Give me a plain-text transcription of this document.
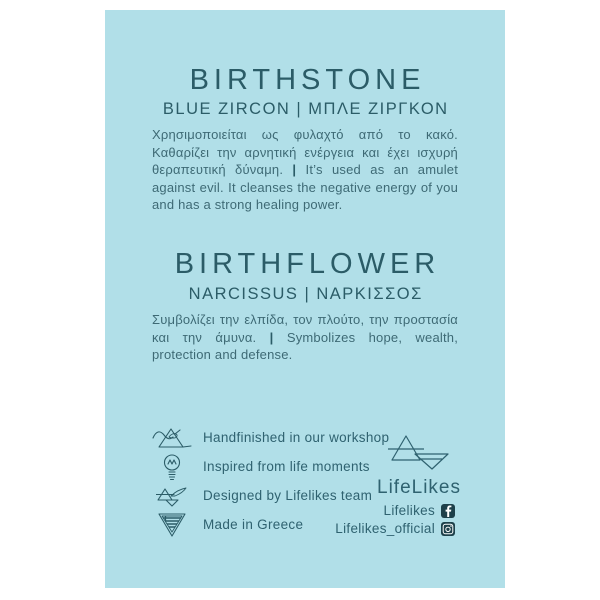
BIRTHSTONE
BLUE ZIRCON | ΜΠΛΕ ΖΙΡΓΚΟΝ

Χρησιμοποιείται ως φυλαχτό από το κακό. Καθαρίζει την αρνητική ενέργεια και έχει ισχυρή θεραπευτική δύναμη. | It’s used as an amulet against evil. It cleanses the negative energy of you and has a strong healing power.

BIRTHFLOWER
NARCISSUS | ΝΑΡΚΙΣΣΟΣ

Συμβολίζει την ελπίδα, τον πλούτο, την προστασία και την άμυνα. | Symbolizes hope, wealth, protection and defense.

Handfinished in our workshop
Inspired from life moments
Designed by Lifelikes team
Made in Greece
LifeLikes
Lifelikes
Lifelikes_official
